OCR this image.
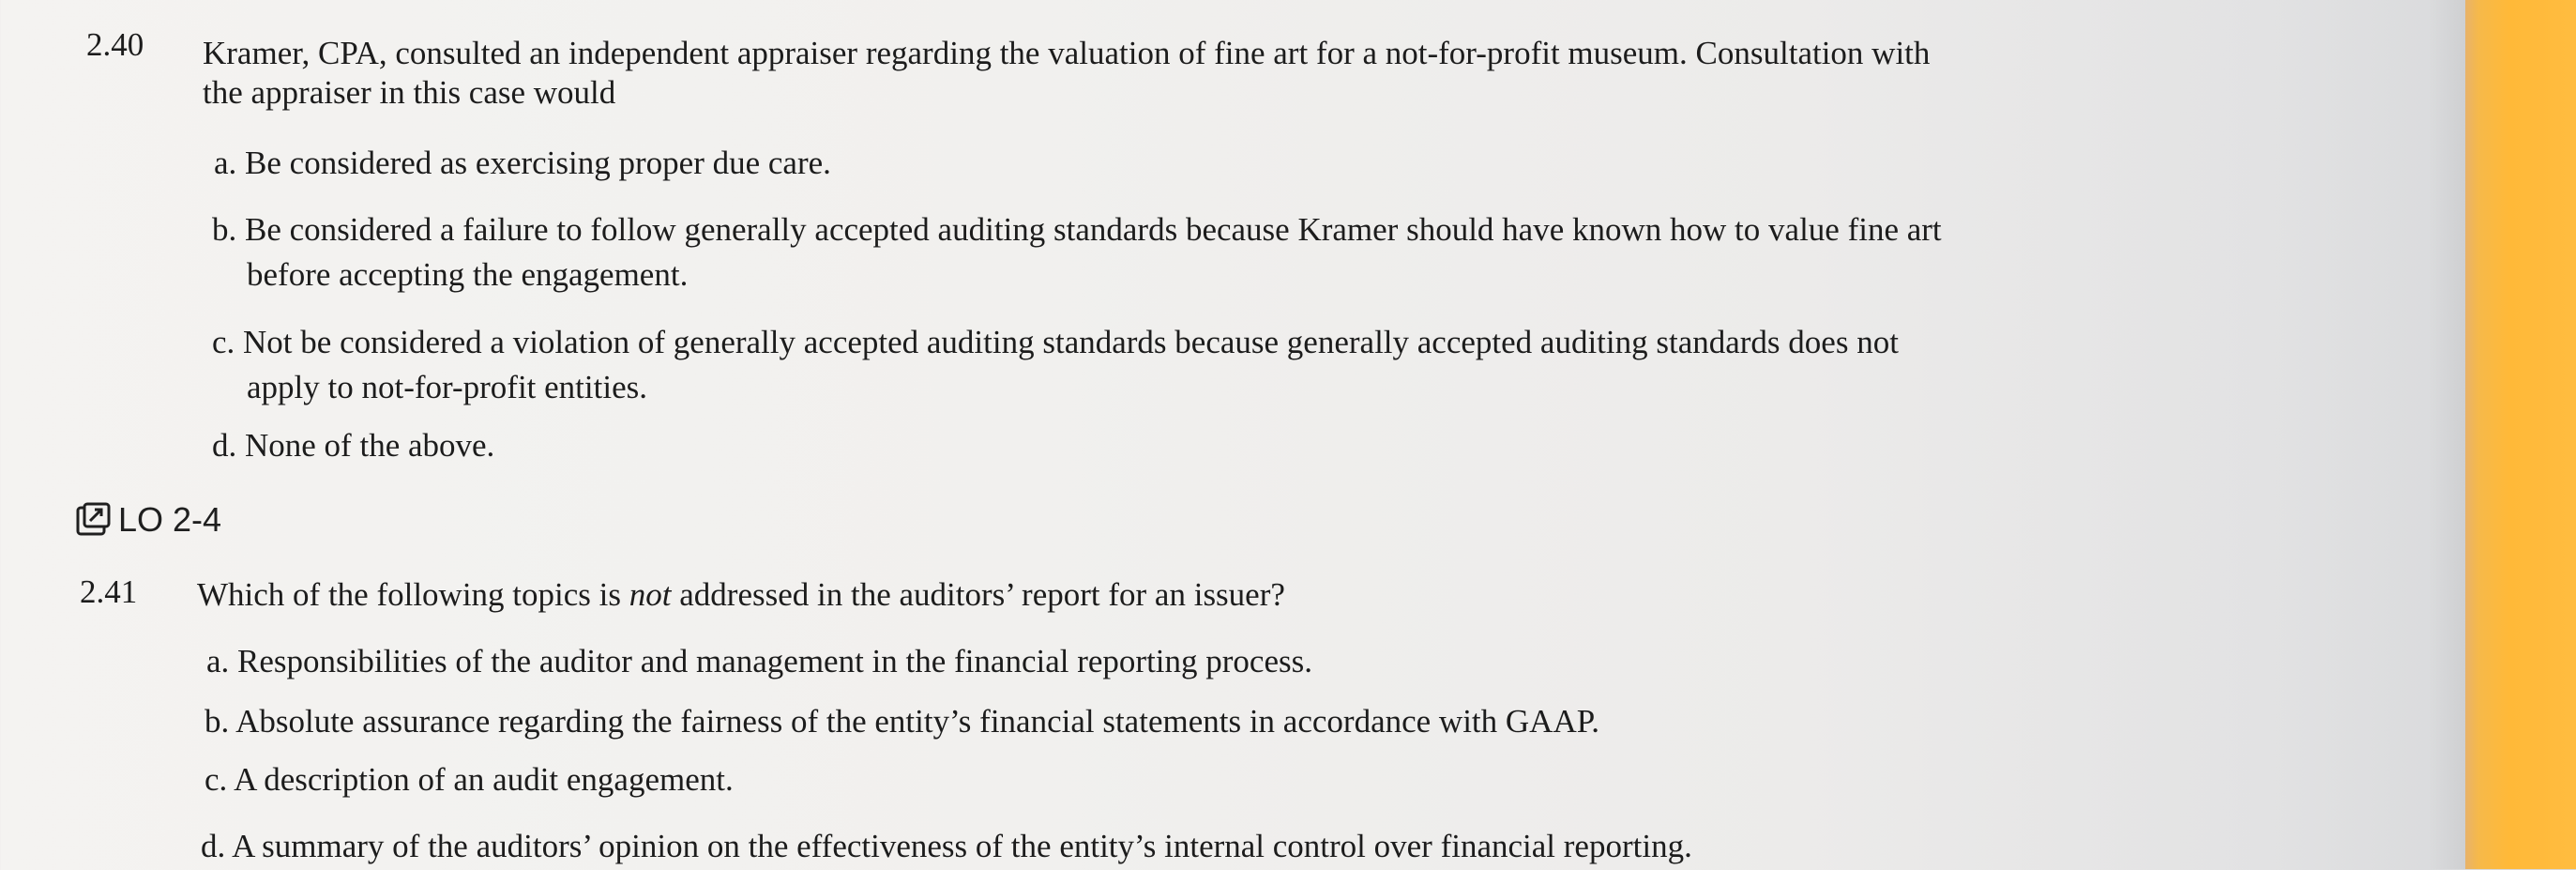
2.40 Kramer, CPA, consulted an independent appraiser regarding the valuation of fine art for a not-for-profit museum. Consultation with
the appraiser in this case would
a. Be considered as exercising proper due care.
b. Be considered a failure to follow generally accepted auditing standards because Kramer should have known how to value fine art
before accepting the engagement.
c. Not be considered a violation of generally accepted auditing standards because generally accepted auditing standards does not
apply to not-for-profit entities.
d. None of the above.
LO 2-4
2.41 Which of the following topics is not addressed in the auditors’ report for an issuer?
a. Responsibilities of the auditor and management in the financial reporting process.
b. Absolute assurance regarding the fairness of the entity’s financial statements in accordance with GAAP.
c. A description of an audit engagement.
d. A summary of the auditors’ opinion on the effectiveness of the entity’s internal control over financial reporting.
